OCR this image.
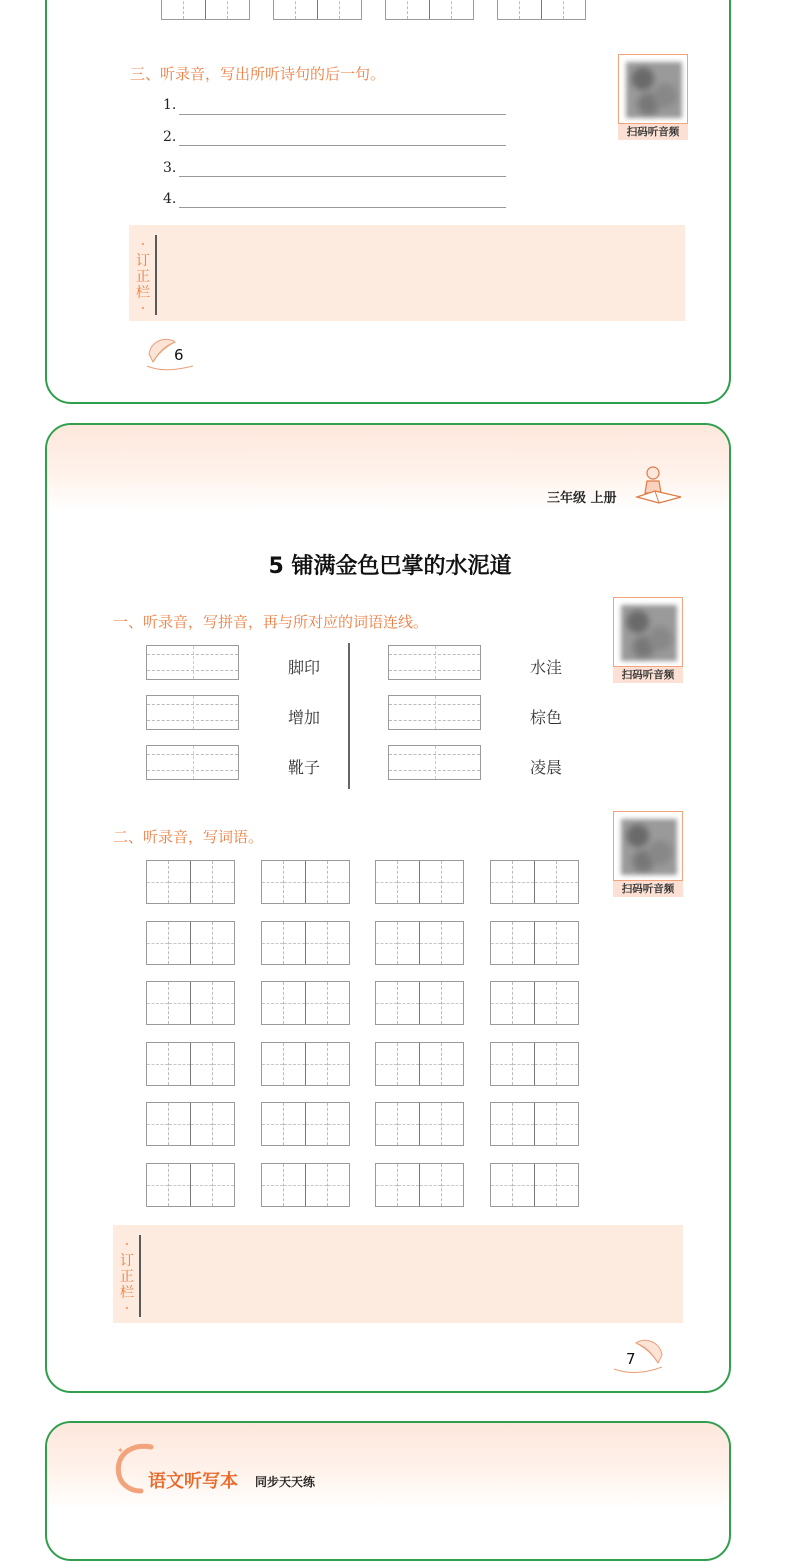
三、听录音，写出所听诗句的后一句。
扫码听音频
1.
2.
3.
4.
·
订
正
栏
·
6
三年级 上册
5 铺满金色巴掌的水泥道
一、听录音，写拼音，再与所对应的词语连线。
扫码听音频
脚印
增加
靴子
水洼
棕色
凌晨
二、听录音，写词语。
扫码听音频
·
订
正
栏
·
7
✦
语文听写本 同步天天练
